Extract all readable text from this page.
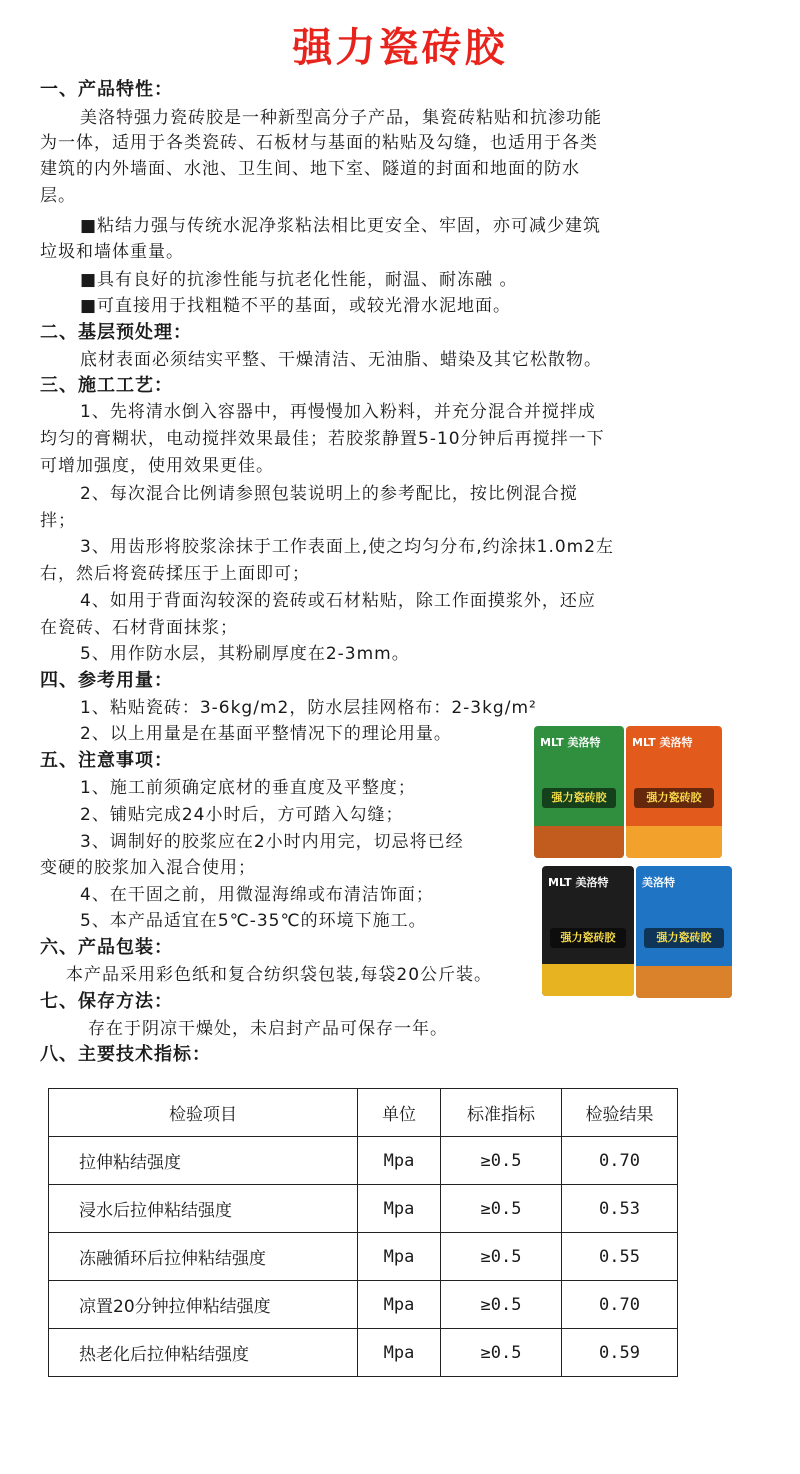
强力瓷砖胶
一、产品特性：
美洛特强力瓷砖胶是一种新型高分子产品，集瓷砖粘贴和抗渗功能
为一体，适用于各类瓷砖、石板材与基面的粘贴及勾缝，也适用于各类
建筑的内外墙面、水池、卫生间、地下室、隧道的封面和地面的防水
层。
■粘结力强与传统水泥净浆粘法相比更安全、牢固，亦可减少建筑
垃圾和墙体重量。
■具有良好的抗渗性能与抗老化性能，耐温、耐冻融 。
■可直接用于找粗糙不平的基面，或较光滑水泥地面。
二、基层预处理：
底材表面必须结实平整、干燥清洁、无油脂、蜡染及其它松散物。
三、施工工艺：
1、先将清水倒入容器中，再慢慢加入粉料，并充分混合并搅拌成
均匀的膏糊状，电动搅拌效果最佳；若胶浆静置5-10分钟后再搅拌一下
可增加强度，使用效果更佳。
2、每次混合比例请参照包装说明上的参考配比，按比例混合搅
拌；
3、用齿形将胶浆涂抹于工作表面上,使之均匀分布,约涂抹1.0m2左
右，然后将瓷砖揉压于上面即可；
4、如用于背面沟较深的瓷砖或石材粘贴，除工作面摸浆外，还应
在瓷砖、石材背面抹浆；
5、用作防水层，其粉刷厚度在2-3mm。
四、参考用量：
1、粘贴瓷砖：3-6kg/m2，防水层挂网格布：2-3kg/m²
2、以上用量是在基面平整情况下的理论用量。
五、注意事项：
1、施工前须确定底材的垂直度及平整度；
2、铺贴完成24小时后，方可踏入勾缝；
3、调制好的胶浆应在2小时内用完，切忌将已经
变硬的胶浆加入混合使用；
4、在干固之前，用微湿海绵或布清洁饰面；
5、本产品适宜在5℃-35℃的环境下施工。
六、产品包装：
本产品采用彩色纸和复合纺织袋包装,每袋20公斤装。
七、保存方法：
存在于阴凉干燥处，未启封产品可保存一年。
八、主要技术指标：
MLT 美洛特
强力瓷砖胶
MLT 美洛特
强力瓷砖胶
MLT 美洛特
强力瓷砖胶
美洛特
强力瓷砖胶
检验项目	单位	标准指标	检验结果
拉伸粘结强度	Mpa	≥0.5	0.70
浸水后拉伸粘结强度	Mpa	≥0.5	0.53
冻融循环后拉伸粘结强度	Mpa	≥0.5	0.55
凉置20分钟拉伸粘结强度	Mpa	≥0.5	0.70
热老化后拉伸粘结强度	Mpa	≥0.5	0.59
